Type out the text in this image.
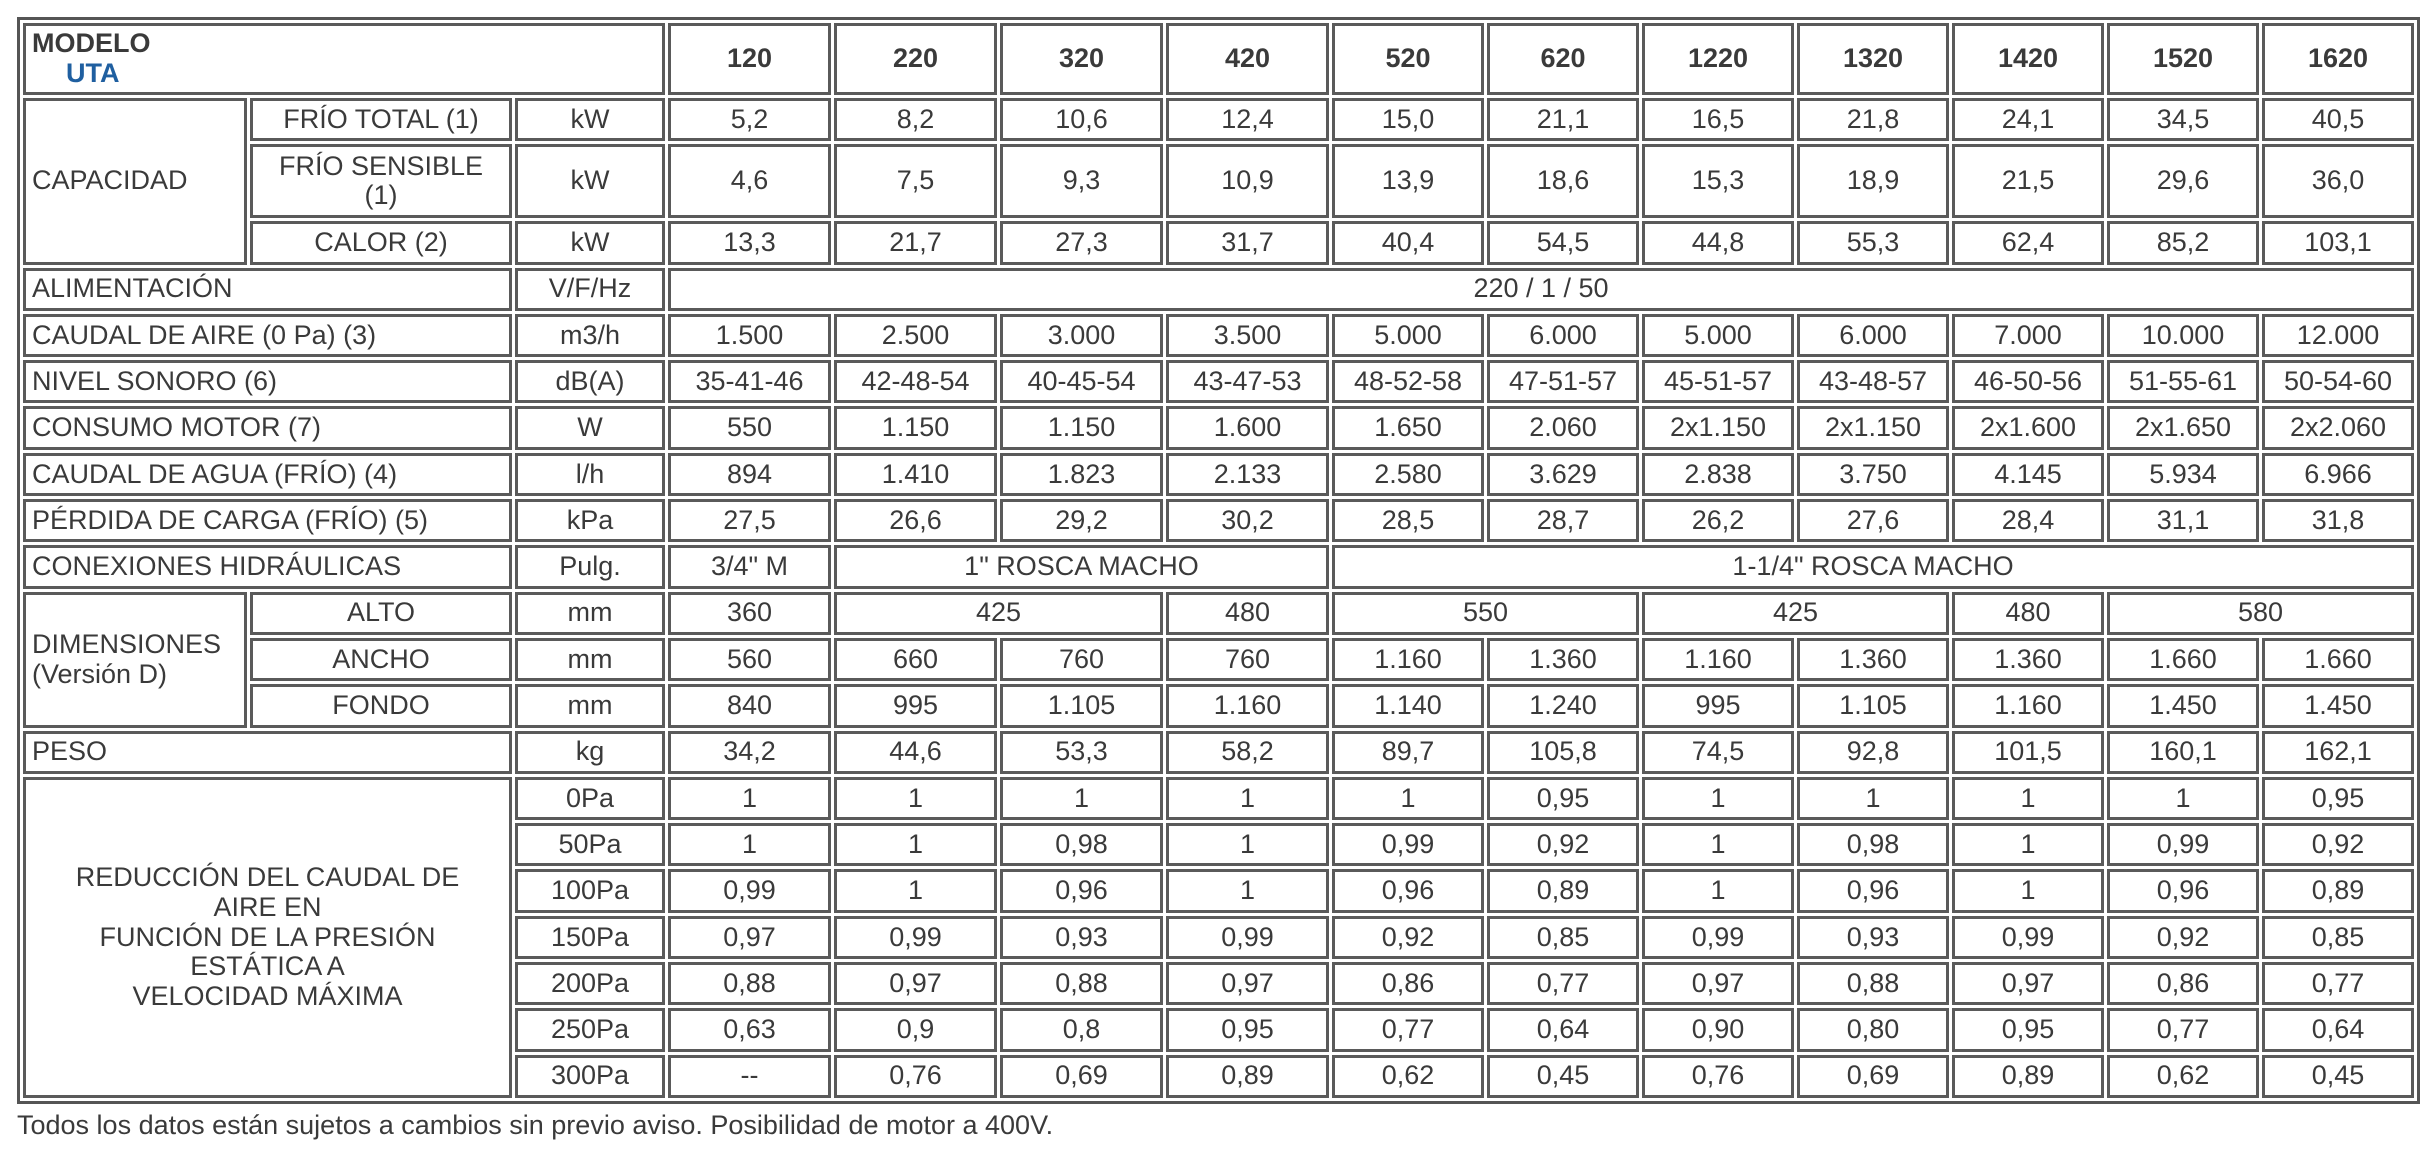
MODELO
UTA			120	220	320	420	520	620	1220	1320	1420	1520	1620
CAPACIDAD	FRÍO TOTAL (1)	kW	5,2	8,2	10,6	12,4	15,0	21,1	16,5	21,8	24,1	34,5	40,5
	FRÍO SENSIBLE (1)	kW	4,6	7,5	9,3	10,9	13,9	18,6	15,3	18,9	21,5	29,6	36,0
	CALOR (2)	kW	13,3	21,7	27,3	31,7	40,4	54,5	44,8	55,3	62,4	85,2	103,1
ALIMENTACIÓN		V/F/Hz	220 / 1 / 50										
CAUDAL DE AIRE (0 Pa) (3)		m3/h	1.500	2.500	3.000	3.500	5.000	6.000	5.000	6.000	7.000	10.000	12.000
NIVEL SONORO (6)		dB(A)	35-41-46	42-48-54	40-45-54	43-47-53	48-52-58	47-51-57	45-51-57	43-48-57	46-50-56	51-55-61	50-54-60
CONSUMO MOTOR (7)		W	550	1.150	1.150	1.600	1.650	2.060	2x1.150	2x1.150	2x1.600	2x1.650	2x2.060
CAUDAL DE AGUA (FRÍO) (4)		l/h	894	1.410	1.823	2.133	2.580	3.629	2.838	3.750	4.145	5.934	6.966
PÉRDIDA DE CARGA (FRÍO) (5)		kPa	27,5	26,6	29,2	30,2	28,5	28,7	26,2	27,6	28,4	31,1	31,8
CONEXIONES HIDRÁULICAS		Pulg.	3/4" M	1" ROSCA MACHO			1-1/4" ROSCA MACHO						
DIMENSIONES
(Versión D)	ALTO	mm	360	425		480	550		425		480	580	
	ANCHO	mm	560	660	760	760	1.160	1.360	1.160	1.360	1.360	1.660	1.660
	FONDO	mm	840	995	1.105	1.160	1.140	1.240	995	1.105	1.160	1.450	1.450
PESO		kg	34,2	44,6	53,3	58,2	89,7	105,8	74,5	92,8	101,5	160,1	162,1
REDUCCIÓN DEL CAUDAL DE
AIRE EN
FUNCIÓN DE LA PRESIÓN
ESTÁTICA A
VELOCIDAD MÁXIMA		0Pa	1	1	1	1	1	0,95	1	1	1	1	0,95
		50Pa	1	1	0,98	1	0,99	0,92	1	0,98	1	0,99	0,92
		100Pa	0,99	1	0,96	1	0,96	0,89	1	0,96	1	0,96	0,89
		150Pa	0,97	0,99	0,93	0,99	0,92	0,85	0,99	0,93	0,99	0,92	0,85
		200Pa	0,88	0,97	0,88	0,97	0,86	0,77	0,97	0,88	0,97	0,86	0,77
		250Pa	0,63	0,9	0,8	0,95	0,77	0,64	0,90	0,80	0,95	0,77	0,64
		300Pa	--	0,76	0,69	0,89	0,62	0,45	0,76	0,69	0,89	0,62	0,45
Todos los datos están sujetos a cambios sin previo aviso. Posibilidad de motor a 400V.
